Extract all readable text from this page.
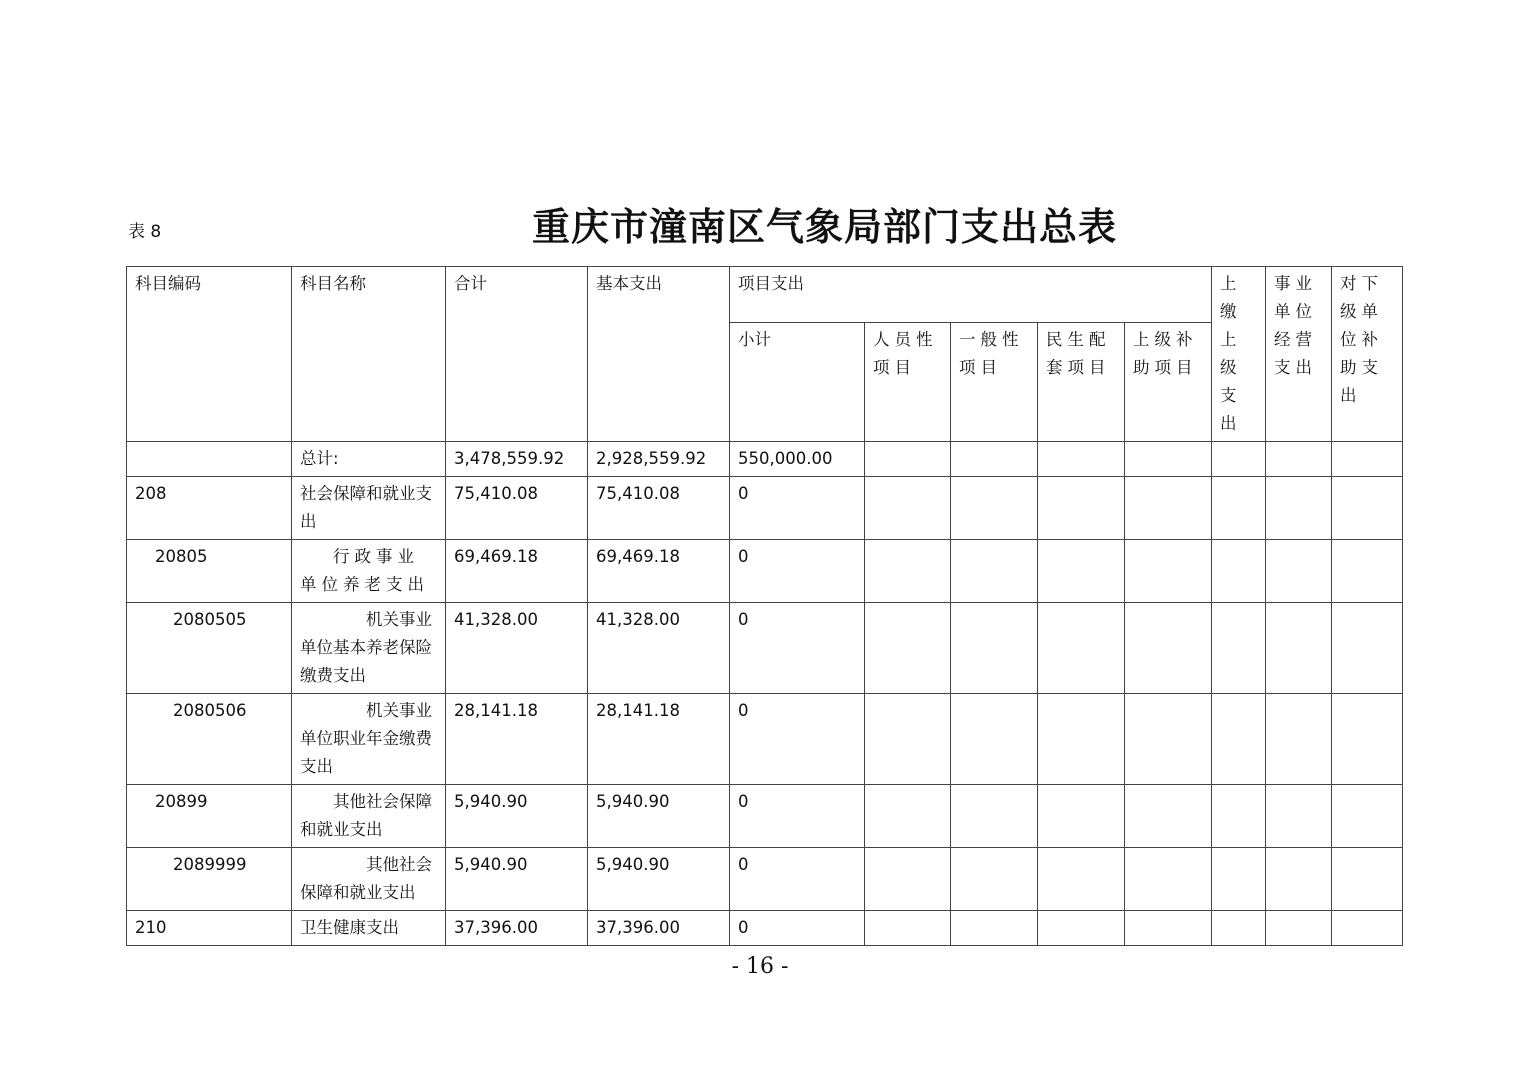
表 8	重庆市潼南区气象局部门支出总表
科目编码	科目名称	合计	基本支出	项目支出					上缴上级支出	事业单位经营支出	对下级单位补助支出
				小计	人员性项目	一般性项目	民生配套项目	上级补助项目			
	总计:	3,478,559.92	2,928,559.92	550,000.00							
208	社会保障和就业支出	75,410.08	75,410.08	0							
20805	行政事业单位养老支出	69,469.18	69,469.18	0							
2080505	机关事业单位基本养老保险缴费支出	41,328.00	41,328.00	0							
2080506	机关事业单位职业年金缴费支出	28,141.18	28,141.18	0							
20899	其他社会保障和就业支出	5,940.90	5,940.90	0							
2089999	其他社会保障和就业支出	5,940.90	5,940.90	0							
210	卫生健康支出	37,396.00	37,396.00	0							
- 16 -
